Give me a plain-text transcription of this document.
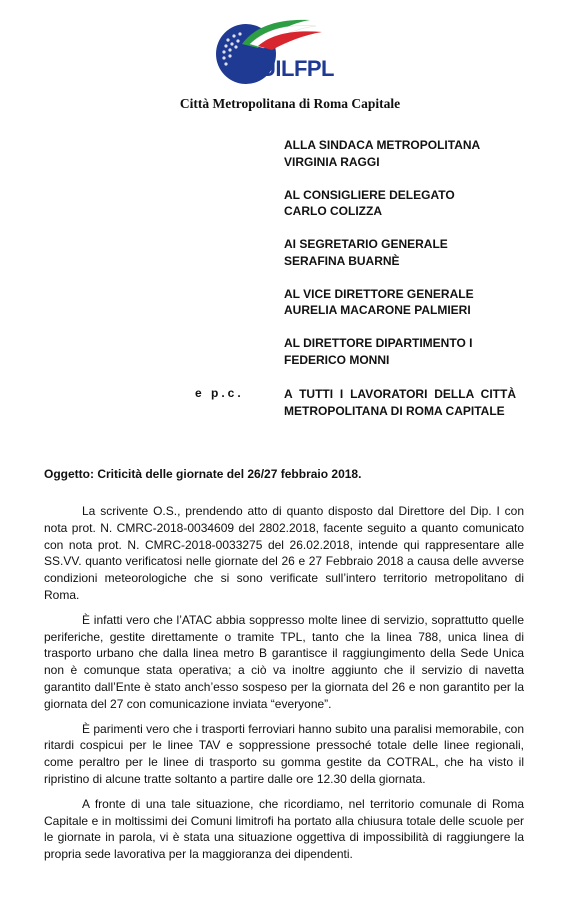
UILFPL
Città Metropolitana di Roma Capitale
ALLA SINDACA METROPOLITANA
VIRGINIA RAGGI
AL CONSIGLIERE DELEGATO
CARLO COLIZZA
AI SEGRETARIO GENERALE
SERAFINA BUARNÈ
AL VICE DIRETTORE GENERALE
AURELIA MACARONE PALMIERI
AL DIRETTORE DIPARTIMENTO I
FEDERICO MONNI
e p.c.	A TUTTI I LAVORATORI DELLA CITTÀ
METROPOLITANA DI ROMA CAPITALE
Oggetto: Criticità delle giornate del 26/27 febbraio 2018.

La scrivente O.S., prendendo atto di quanto disposto dal Direttore del Dip. I con nota prot. N. CMRC-2018-0034609 del 2802.2018, facente seguito a quanto comunicato con nota prot. N. CMRC-2018-0033275 del 26.02.2018, intende qui rappresentare alle SS.VV. quanto verificatosi nelle giornate del 26 e 27 Febbraio 2018 a causa delle avverse condizioni meteorologiche che si sono verificate sull’intero territorio metropolitano di Roma.

È infatti vero che l’ATAC abbia soppresso molte linee di servizio, soprattutto quelle periferiche, gestite direttamente o tramite TPL, tanto che la linea 788, unica linea di trasporto urbano che dalla linea metro B garantisce il raggiungimento della Sede Unica non è comunque stata operativa; a ciò va inoltre aggiunto che il servizio di navetta garantito dall’Ente è stato anch’esso sospeso per la giornata del 26 e non garantito per la giornata del 27 con comunicazione inviata “everyone”.

È parimenti vero che i trasporti ferroviari hanno subito una paralisi memorabile, con ritardi cospicui per le linee TAV e soppressione pressoché totale delle linee regionali, come peraltro per le linee di trasporto su gomma gestite da COTRAL, che ha visto il ripristino di alcune tratte soltanto a partire dalle ore 12.30 della giornata.

A fronte di una tale situazione, che ricordiamo, nel territorio comunale di Roma Capitale e in moltissimi dei Comuni limitrofi ha portato alla chiusura totale delle scuole per le giornate in parola, vi è stata una situazione oggettiva di impossibilità di raggiungere la propria sede lavorativa per la maggioranza dei dipendenti.
